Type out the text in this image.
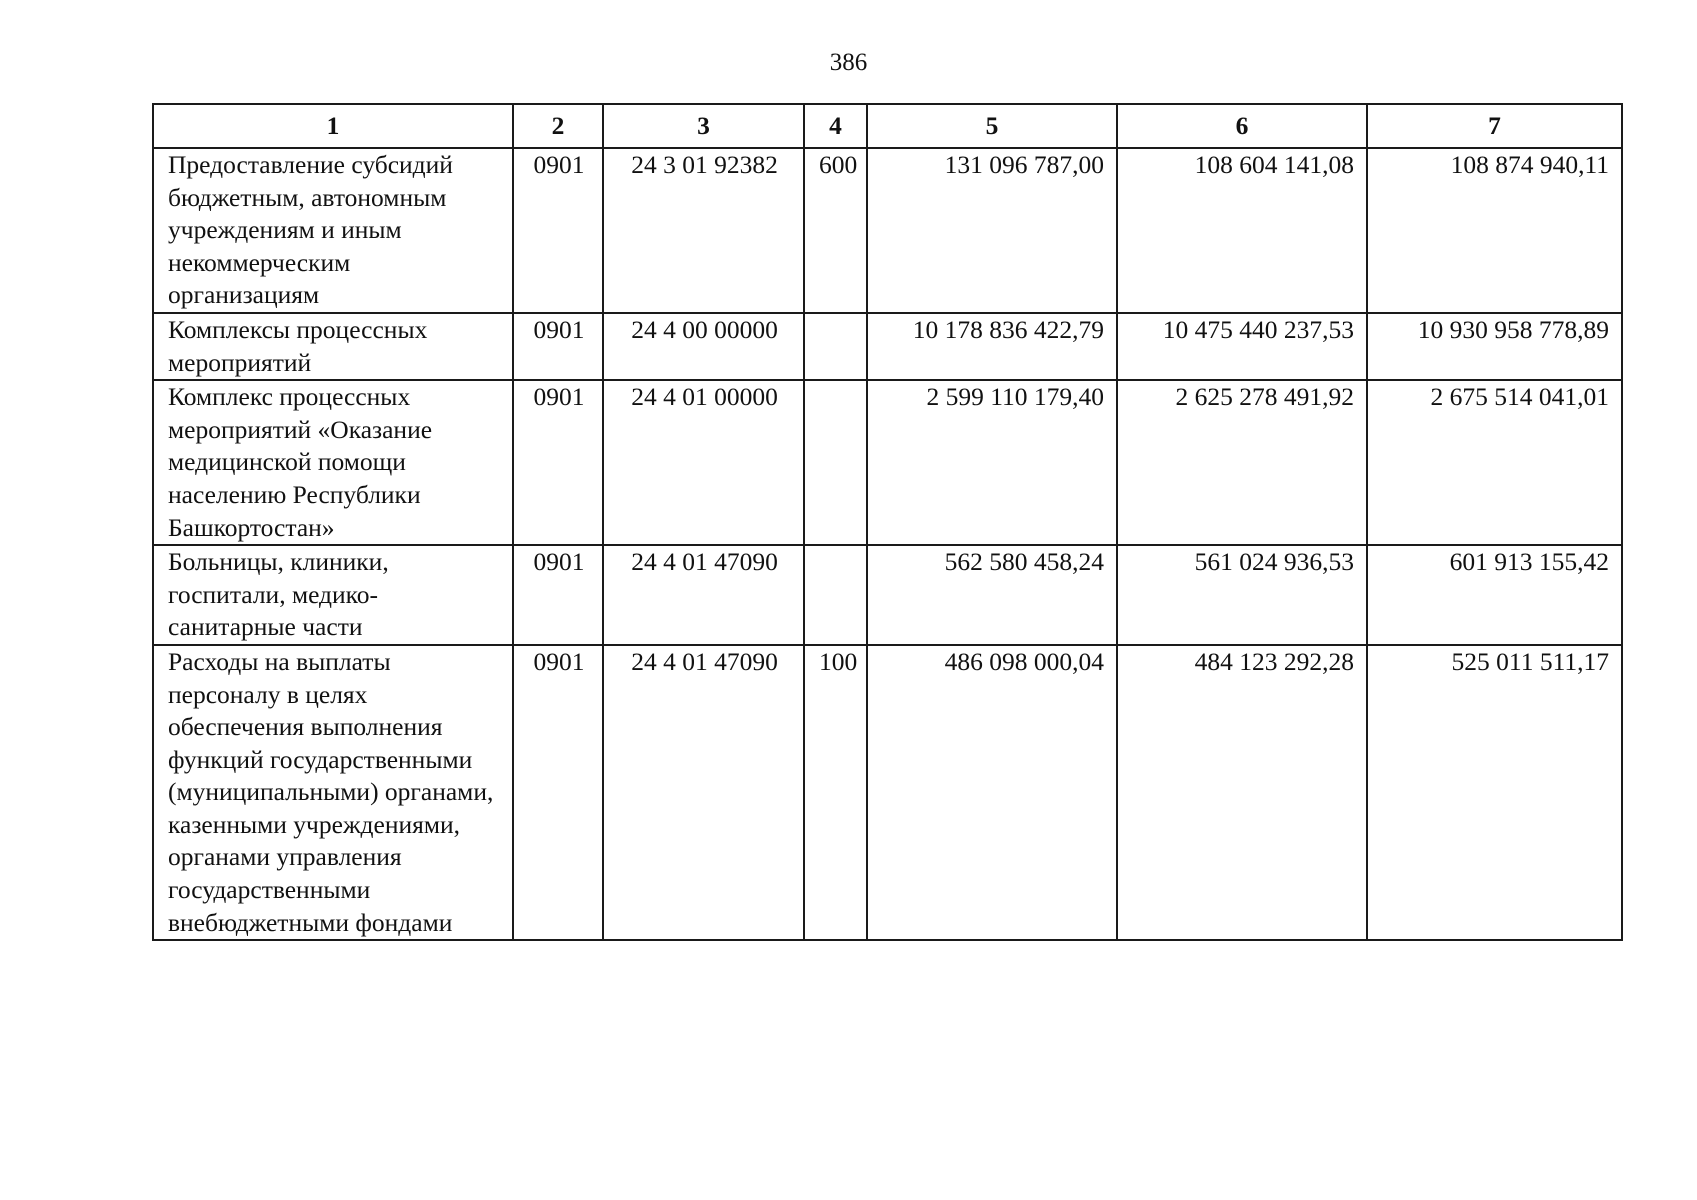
386
1	2	3	4	5	6	7
Предоставление субсидий бюджетным, автономным учреждениям и иным некоммерческим организациям	0901	24 3 01 92382	600	131 096 787,00	108 604 141,08	108 874 940,11
Комплексы процессных мероприятий	0901	24 4 00 00000		10 178 836 422,79	10 475 440 237,53	10 930 958 778,89
Комплекс процессных мероприятий «Оказание медицинской помощи населению Республики Башкортостан»	0901	24 4 01 00000		2 599 110 179,40	2 625 278 491,92	2 675 514 041,01
Больницы, клиники, госпитали, медико-санитарные части	0901	24 4 01 47090		562 580 458,24	561 024 936,53	601 913 155,42
Расходы на выплаты персоналу в целях обеспечения выполнения функций государственными (муниципальными) органами, казенными учреждениями, органами управления государственными внебюджетными фондами	0901	24 4 01 47090	100	486 098 000,04	484 123 292,28	525 011 511,17
